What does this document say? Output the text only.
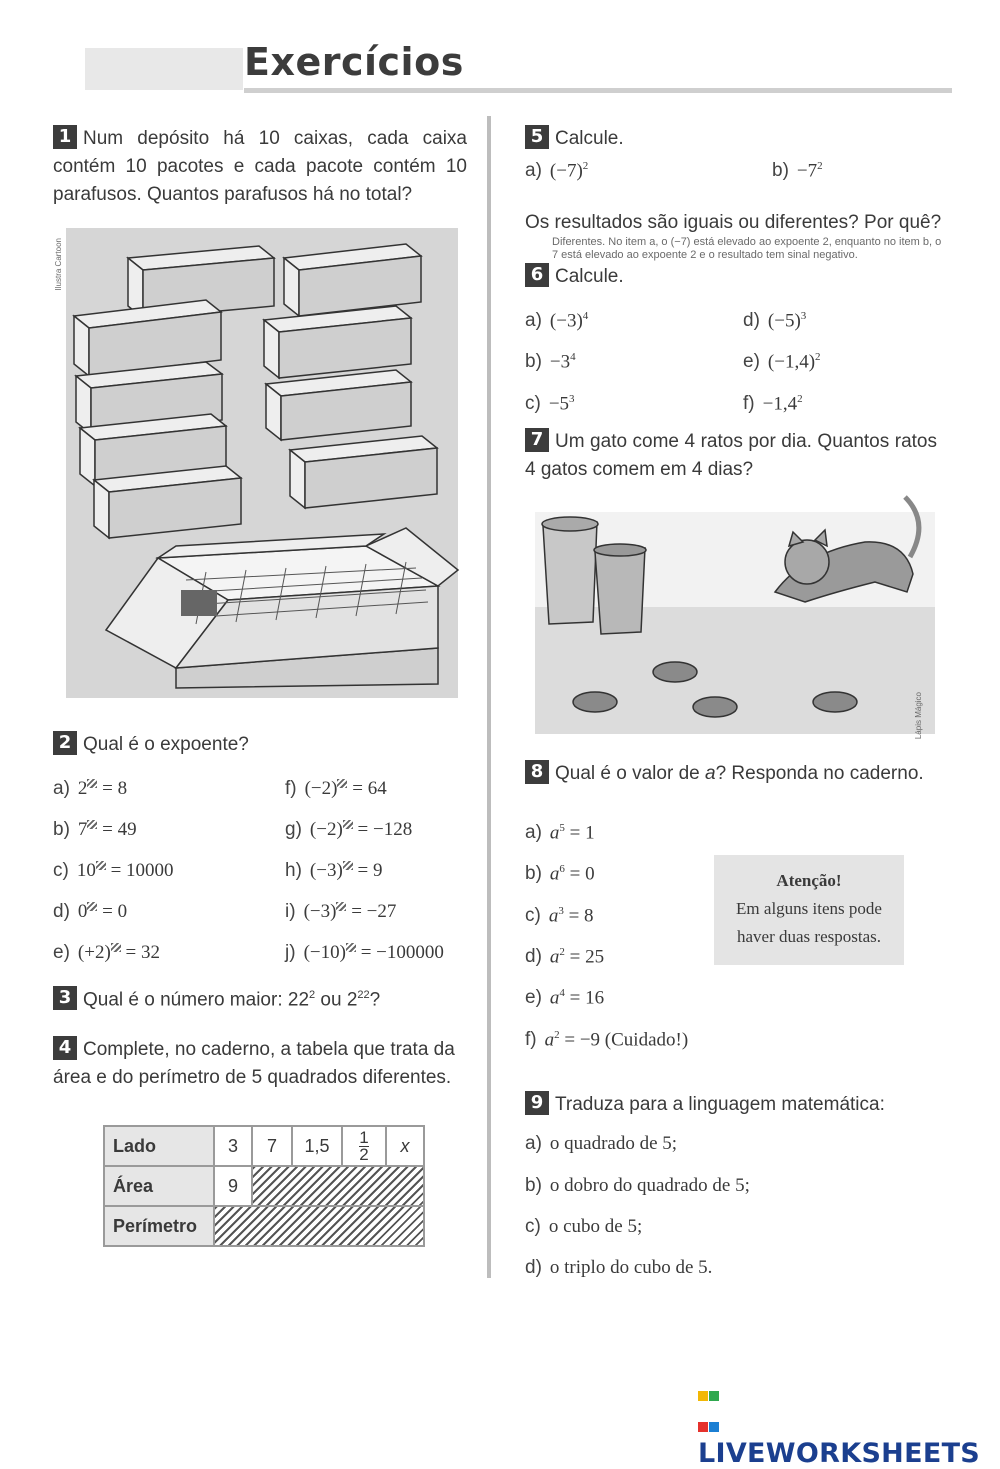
Exercícios
1 Num depósito há 10 caixas, cada caixa contém 10 pacotes e cada pacote contém 10 parafusos. Quantos parafusos há no total?
Ilustra Cartoon
2 Qual é o expoente?
a) 2 = 8
b) 7 = 49
c) 10 = 10000
d) 0 = 0
e) (+2) = 32
f) (−2) = 64
g) (−2) = −128
h) (−3) = 9
i) (−3) = −27
j) (−10) = −100000
3 Qual é o número maior: $22^2$ ou $2^{22}$?
4 Complete, no caderno, a tabela que trata da área e do perímetro de 5 quadrados diferentes.
Lado	3	7	1,5	$\frac{1}{2}$	x
Área	9				
Perímetro					
5 Calcule.
a) $(-7)^2$	$b) -7^2$
Os resultados são iguais ou diferentes? Por quê?
Diferentes. No item a, o (−7) está elevado ao expoente 2, enquanto no item b, o 7 está elevado ao expoente 2 e o resultado tem sinal negativo.
6 Calcule.
a) $(-3)^4$
$b) -3^4$
$c) -5^3$
d) $(-5)^3$
e) $(-1,4)^2$
$f) -1,4^2$
7 Um gato come 4 ratos por dia. Quantos ratos 4 gatos comem em 4 dias?
Lápis Mágico
8 Qual é o valor de a? Responda no caderno.
a) $a^5 = 1$
b) $a^6 = 0$
c) $a^3 = 8$
d) $a^2 = 25$
e) $a^4 = 16$
f) $a^2 = -9$ (Cuidado!)
Atenção!
Em alguns itens pode
haver duas respostas.
9 Traduza para a linguagem matemática:
a) o quadrado de 5;
b) o dobro do quadrado de 5;
c) o cubo de 5;
d) o triplo do cubo de 5.
LIVEWORKSHEETS
